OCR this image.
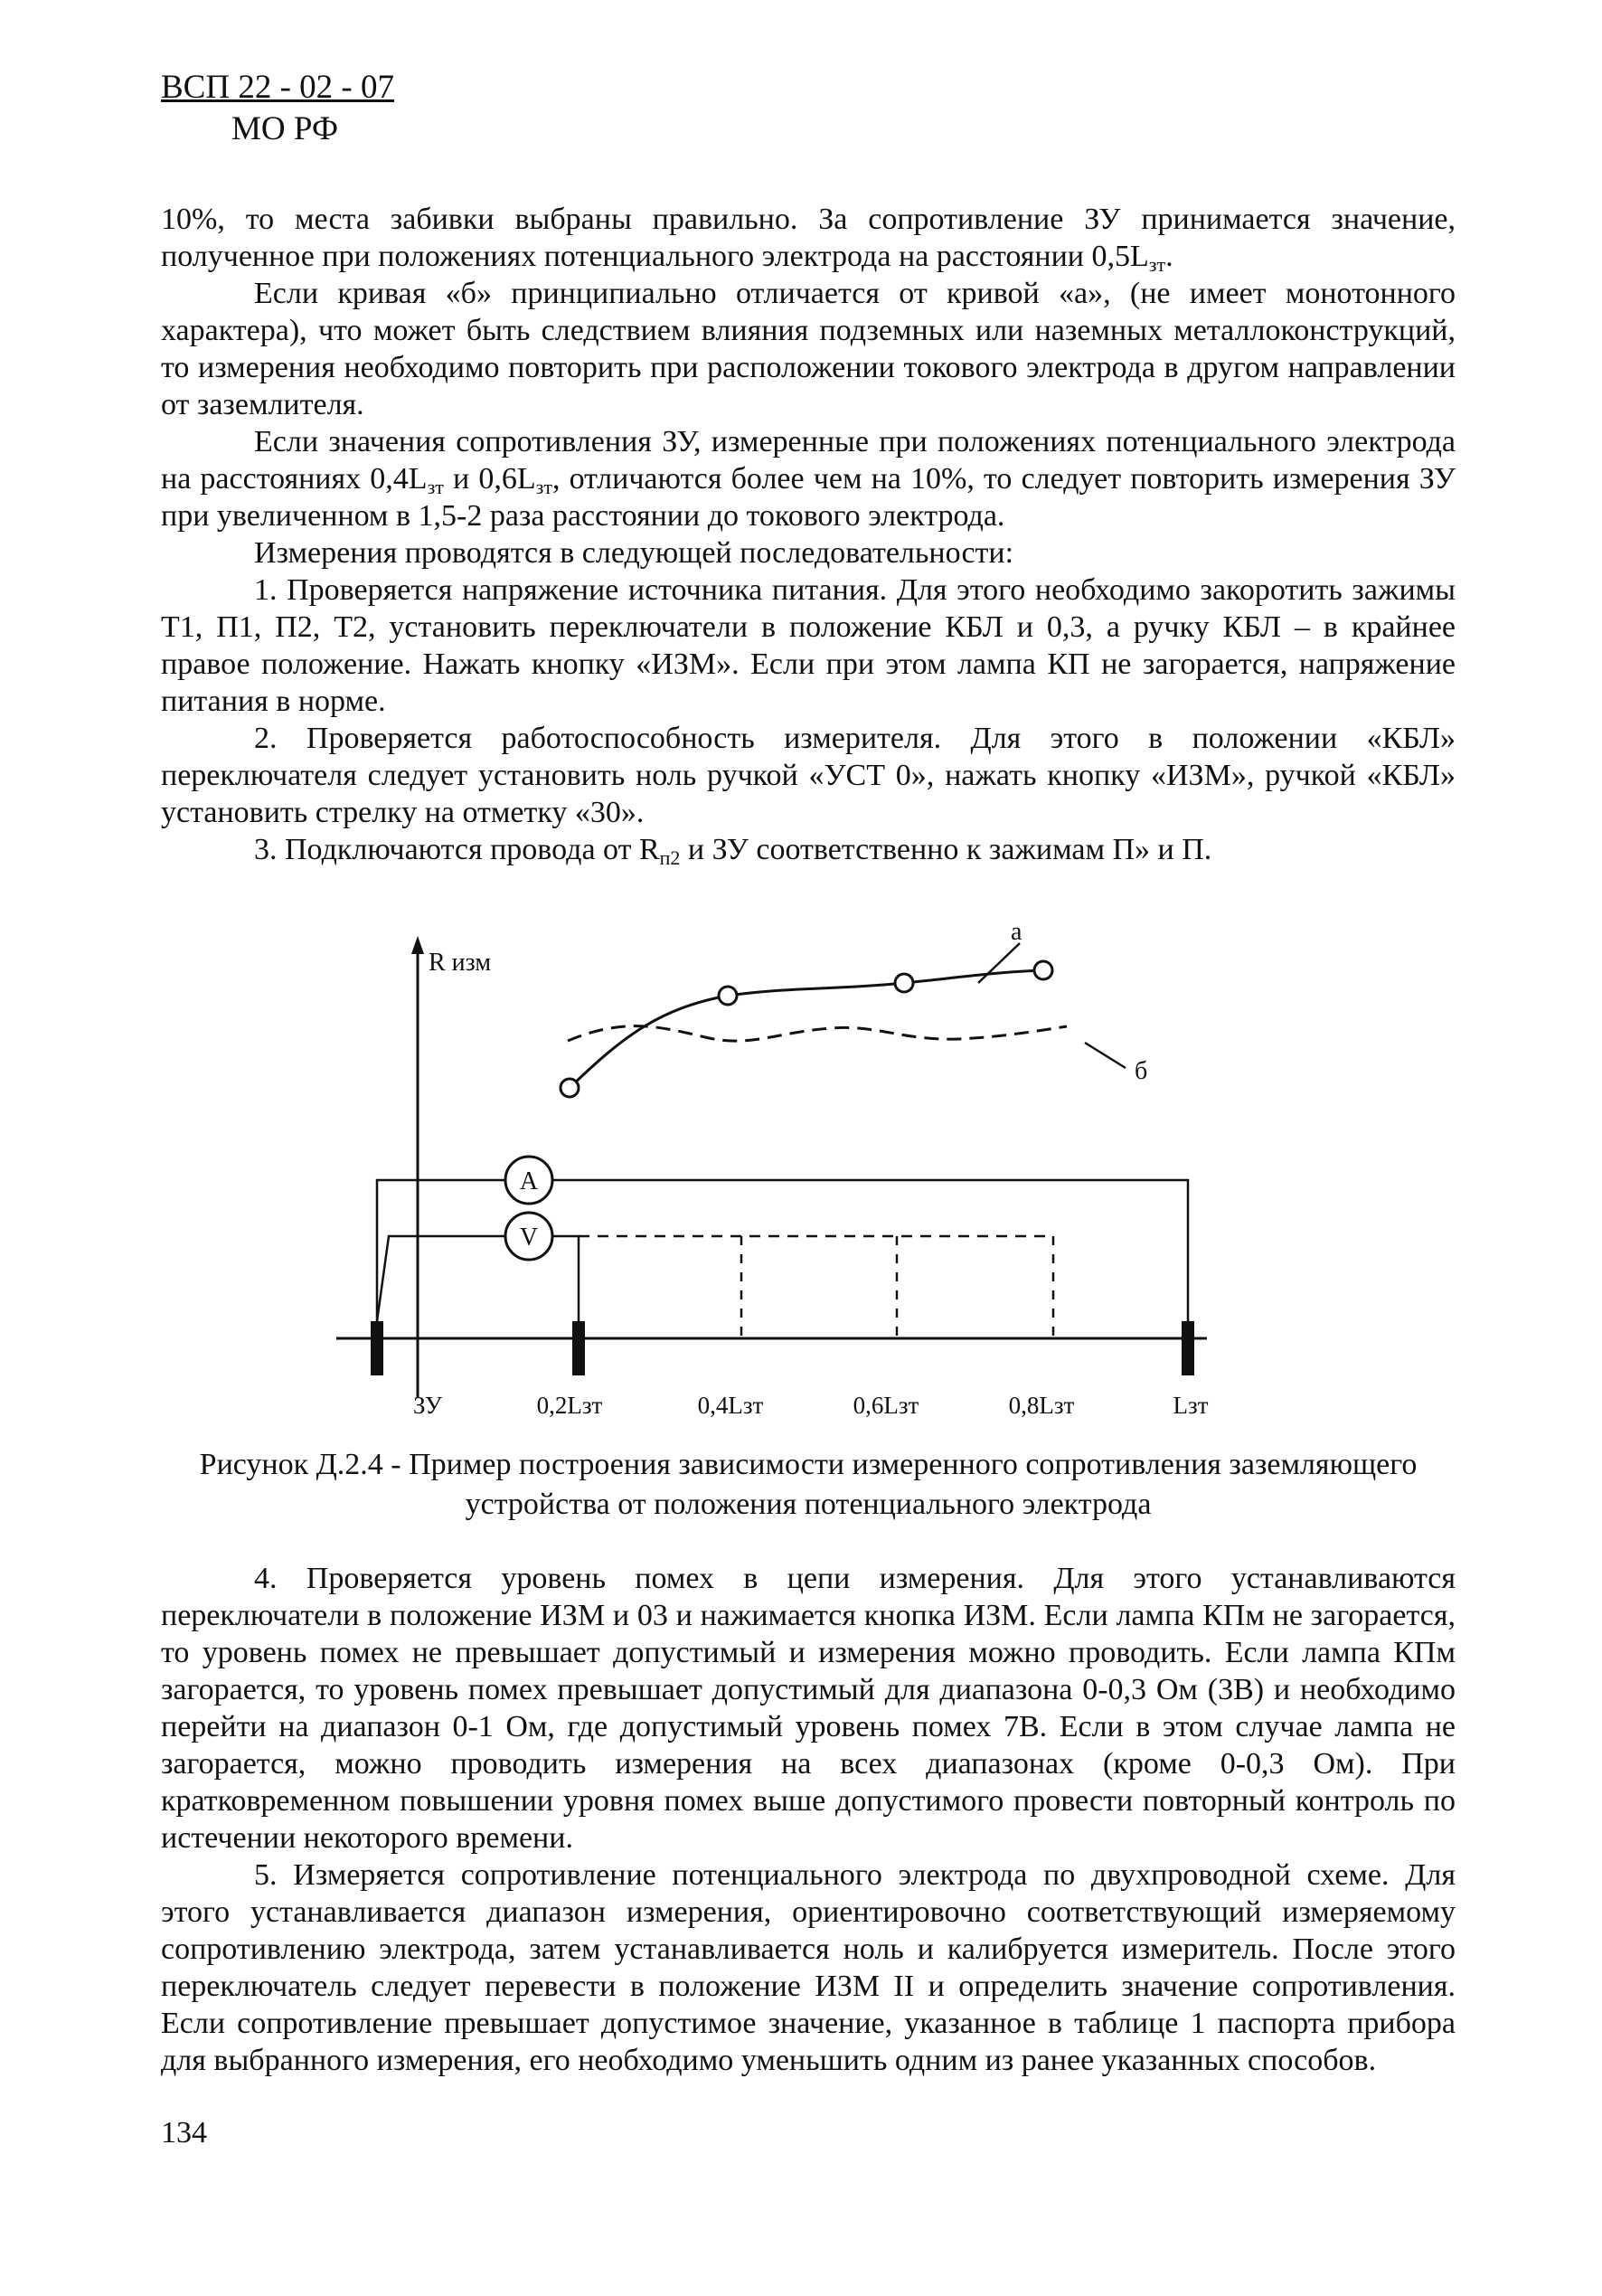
ВСП 22 - 02 - 07
МО РФ

10%, то места забивки выбраны правильно. За сопротивление ЗУ принимается значение, полученное при положениях потенциального электрода на расстоянии $0,5L_{зт}$.

Если кривая «б» принципиально отличается от кривой «а», (не имеет монотонного характера), что может быть следствием влияния подземных или наземных металлоконструкций, то измерения необходимо повторить при расположении токового электрода в другом направлении от заземлителя.

Если значения сопротивления ЗУ, измеренные при положениях потенциального электрода на расстояниях $0,4L_{зт}$ и $0,6L_{зт}$, отличаются более чем на 10%, то следует повторить измерения ЗУ при увеличенном в 1,5-2 раза расстоянии до токового электрода.

Измерения проводятся в следующей последовательности:

1. Проверяется напряжение источника питания. Для этого необходимо закоротить зажимы Т1, П1, П2, Т2, установить переключатели в положение КБЛ и 0,3, а ручку КБЛ – в крайнее правое положение. Нажать кнопку «ИЗМ». Если при этом лампа КП не загорается, напряжение питания в норме.

2. Проверяется работоспособность измерителя. Для этого в положении «КБЛ» переключателя следует установить ноль ручкой «УСТ 0», нажать кнопку «ИЗМ», ручкой «КБЛ» установить стрелку на отметку «30».

3. Подключаются провода от $R_{п2}$ и ЗУ соответственно к зажимам П» и П.

R изм
б
а
A
V
ЗУ	0,2Lзт	0,4Lзт	0,6Lзт	0,8Lзт	Lзт
Рисунок Д.2.4 - Пример построения зависимости измеренного сопротивления заземляющего
устройства от положения потенциального электрода

4. Проверяется уровень помех в цепи измерения. Для этого устанавливаются переключатели в положение ИЗМ и 03 и нажимается кнопка ИЗМ. Если лампа КПм не загорается, то уровень помех не превышает допустимый и измерения можно проводить. Если лампа КПм загорается, то уровень помех превышает допустимый для диапазона 0-0,3 Ом (3В) и необходимо перейти на диапазон 0-1 Ом, где допустимый уровень помех 7В. Если в этом случае лампа не загорается, можно проводить измерения на всех диапазонах (кроме 0-0,3 Ом). При кратковременном повышении уровня помех выше допустимого провести повторный контроль по истечении некоторого времени.

5. Измеряется сопротивление потенциального электрода по двухпроводной схеме. Для этого устанавливается диапазон измерения, ориентировочно соответствующий измеряемому сопротивлению электрода, затем устанавливается ноль и калибруется измеритель. После этого переключатель следует перевести в положение ИЗМ II и определить значение сопротивления. Если сопротивление превышает допустимое значение, указанное в таблице 1 паспорта прибора для выбранного измерения, его необходимо уменьшить одним из ранее указанных способов.

134
